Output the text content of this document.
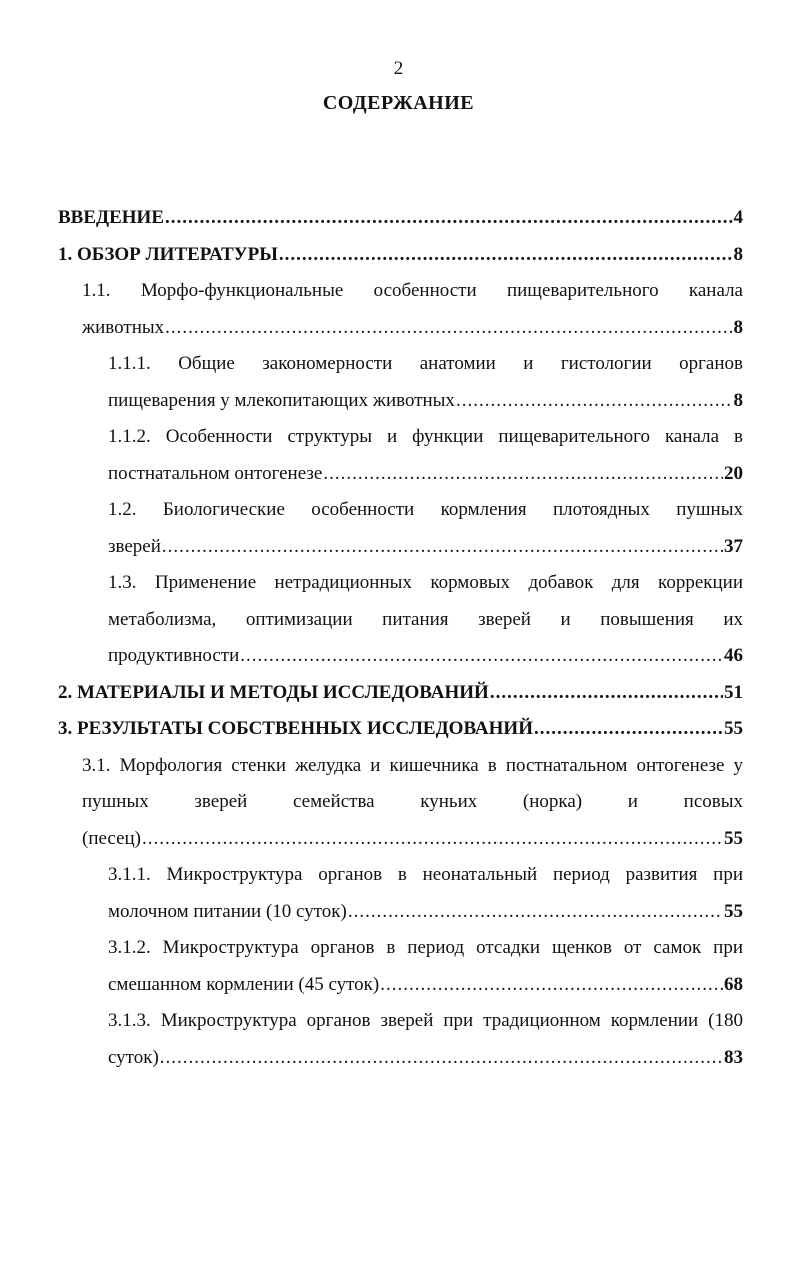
2
СОДЕРЖАНИЕ
ВВЕДЕНИЕ .....	4
1. ОБЗОР ЛИТЕРАТУРЫ .....	8
1.1. Морфо-функциональные особенности пищеварительного канала
животных .....	8
1.1.1. Общие закономерности анатомии и гистологии органов
пищеварения у млекопитающих животных .....	8
1.1.2. Особенности структуры и функции пищеварительного канала в
постнатальном онтогенезе .....	20
1.2. Биологические особенности кормления плотоядных пушных
зверей .....	37
1.3. Применение нетрадиционных кормовых добавок для коррекции
метаболизма, оптимизации питания зверей и повышения их
продуктивности .....	46
2. МАТЕРИАЛЫ И МЕТОДЫ ИССЛЕДОВАНИЙ .....	51
3. РЕЗУЛЬТАТЫ СОБСТВЕННЫХ ИССЛЕДОВАНИЙ .....	55
3.1. Морфология стенки желудка и кишечника в постнатальном онтогенезе у
пушных зверей семейства куньих (норка) и псовых
(песец) .....	55
3.1.1. Микроструктура органов в неонатальный период развития при
молочном питании (10 суток) .....	55
3.1.2. Микроструктура органов в период отсадки щенков от самок при
смешанном кормлении (45 суток) .....	68
3.1.3. Микроструктура органов зверей при традиционном кормлении (180
суток) .....	83
